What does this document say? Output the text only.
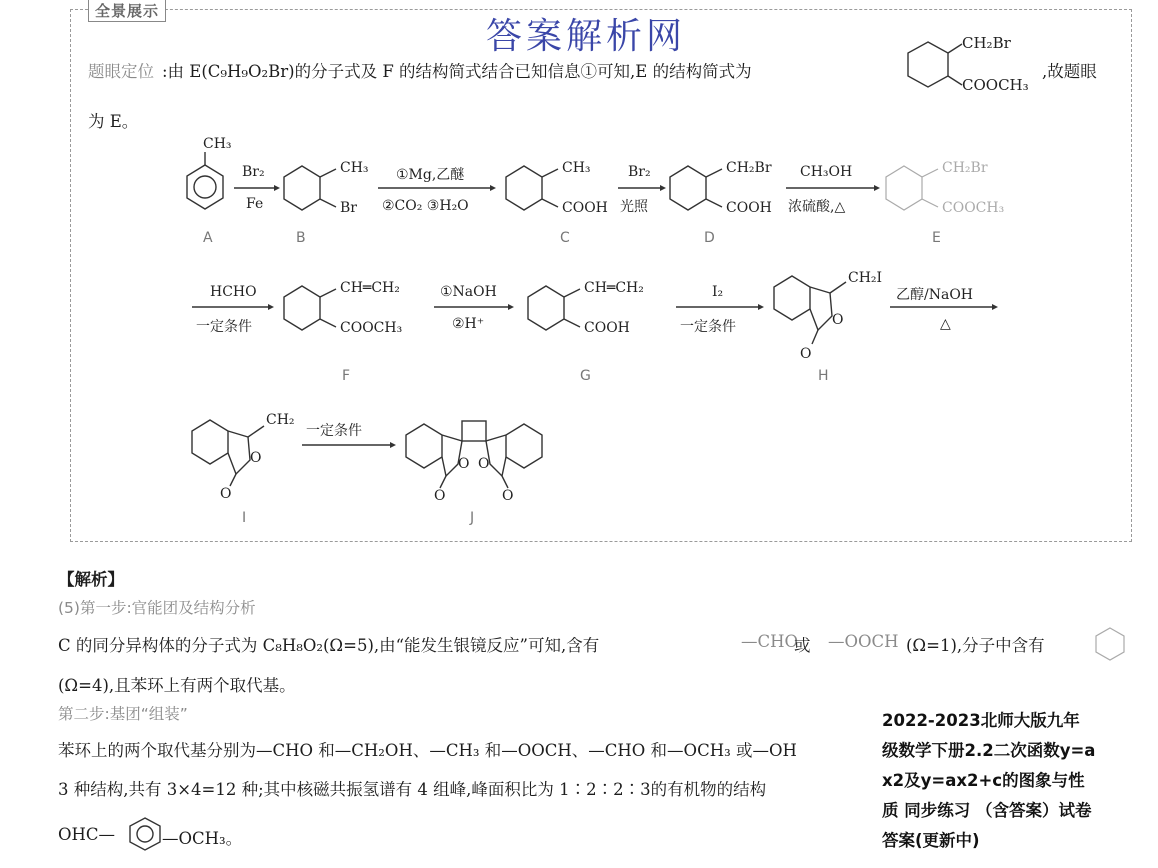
全景展示
答案解析网
题眼定位 :由 E(C₉H₉O₂Br)的分子式及 F 的结构简式结合已知信息①可知,E 的结构简式为	,故题眼
为 E。
CH₂Br
COOCH₃
CH₃
CH₃
Br
CH₃
COOH
CH₂Br
COOH
CH₂Br
COOCH₃
Br₂
Fe
①Mg,乙醚
②CO₂ ③H₂O
Br₂
光照
CH₃OH
浓硫酸,△
A	B	C	D	E
HCHO
一定条件
CH═CH₂
COOCH₃
①NaOH
②H⁺
CH═CH₂
COOH
I₂
一定条件
CH₂I
O
O
乙醇/NaOH
△
F	G	H
CH₂
O
O
一定条件
O O
O	O
I	J
【解析】
(5)第一步:官能团及结构分析
C 的同分异构体的分子式为 C₈H₈O₂(Ω=5),由“能发生银镜反应”可知,含有	—CHO
或 —OOCH (Ω=1),分子中含有
(Ω=4),且苯环上有两个取代基。
第二步:基团“组装”
苯环上的两个取代基分别为—CHO 和—CH₂OH、—CH₃ 和—OOCH、—CHO 和—OCH₃ 或—OH
3 种结构,共有 3×4=12 种;其中核磁共振氢谱有 4 组峰,峰面积比为 1∶2∶2∶3的有机物的结构
OHC—	—OCH₃。
2022-2023北师大版九年
级数学下册2.2二次函数y=a
x2及y=ax2+c的图象与性
质 同步练习 （含答案）试卷
答案(更新中)
